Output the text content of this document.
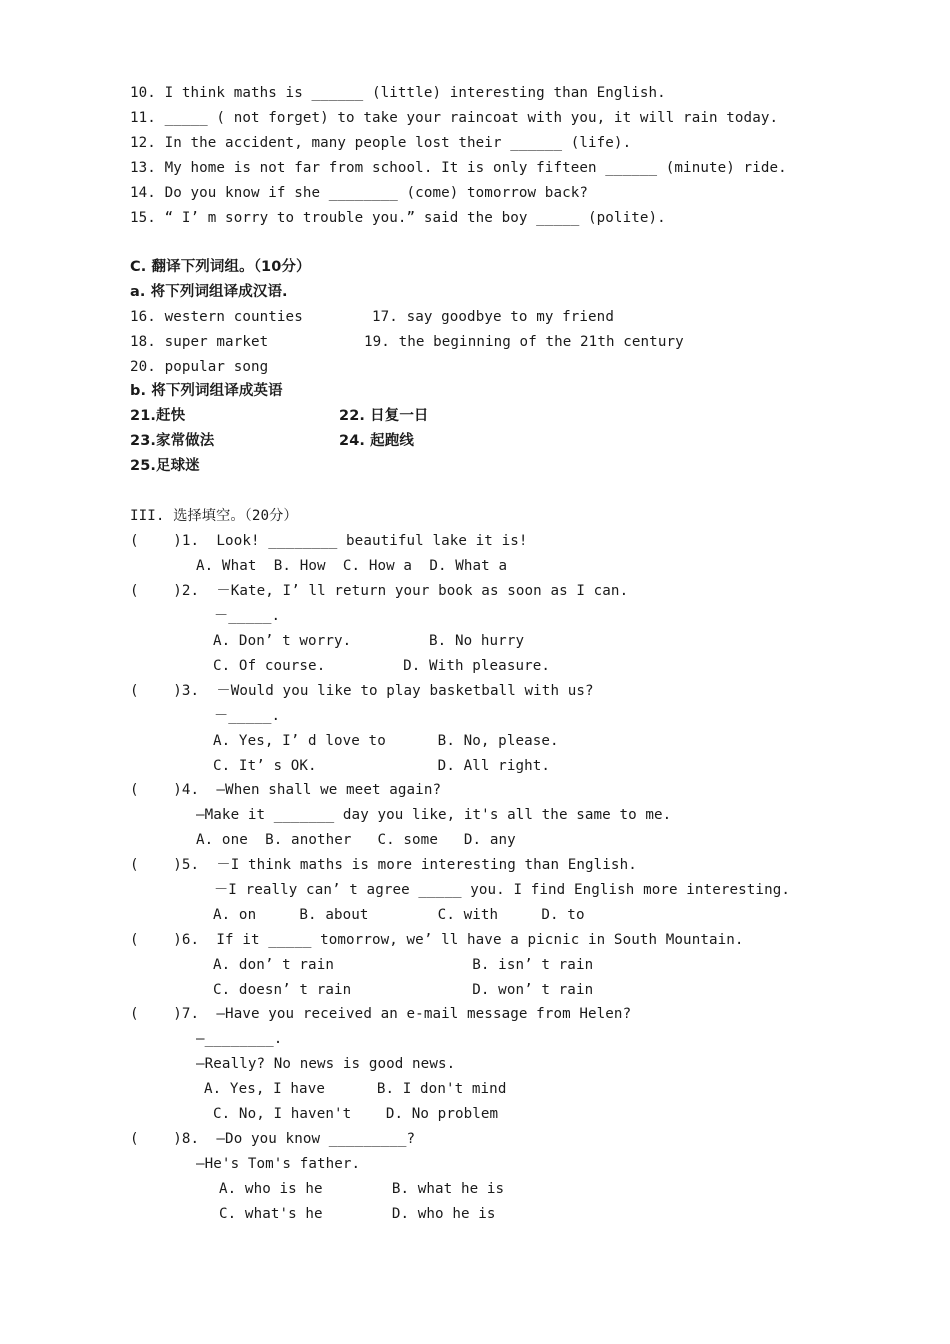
10. I think maths is ______ (little) interesting than English.
11. _____ ( not forget) to take your raincoat with you, it will rain today.
12. In the accident, many people lost their ______ (life).
13. My home is not far from school. It is only fifteen ______ (minute) ride.
14. Do you know if she ________ (come) tomorrow back?
15. “ I’ m sorry to trouble you.” said the boy _____ (polite).
C. 翻译下列词组。（10分）
a. 将下列词组译成汉语.
16. western counties	17. say goodbye to my friend
18. super market	19. the beginning of the 21th century
20. popular song
b. 将下列词组译成英语
21.赶快	22. 日复一日
23.家常做法	24. 起跑线
25.足球迷
III. 选择填空。（20分）
(    )1.  Look! ________ beautiful lake it is!
A. What  B. How  C. How a  D. What a
(    )2.  －Kate, I’ ll return your book as soon as I can.
－_____.
A. Don’ t worry.         B. No hurry
C. Of course.         D. With pleasure.
(    )3.  －Would you like to play basketball with us?
－_____.
A. Yes, I’ d love to      B. No, please.
C. It’ s OK.              D. All right.
(    )4.  —When shall we meet again?
—Make it _______ day you like, it's all the same to me.
A. one  B. another   C. some   D. any
(    )5.  －I think maths is more interesting than English.
－I really can’ t agree _____ you. I find English more interesting.
A. on     B. about        C. with     D. to
(    )6.  If it _____ tomorrow, we’ ll have a picnic in South Mountain.
A. don’ t rain                B. isn’ t rain
C. doesn’ t rain              D. won’ t rain
(    )7.  —Have you received an e-mail message from Helen?
—________.
—Really? No news is good news.
A. Yes, I have      B. I don't mind
C. No, I haven't    D. No problem
(    )8.  —Do you know _________?
—He's Tom's father.
A. who is he        B. what he is
C. what's he        D. who he is
